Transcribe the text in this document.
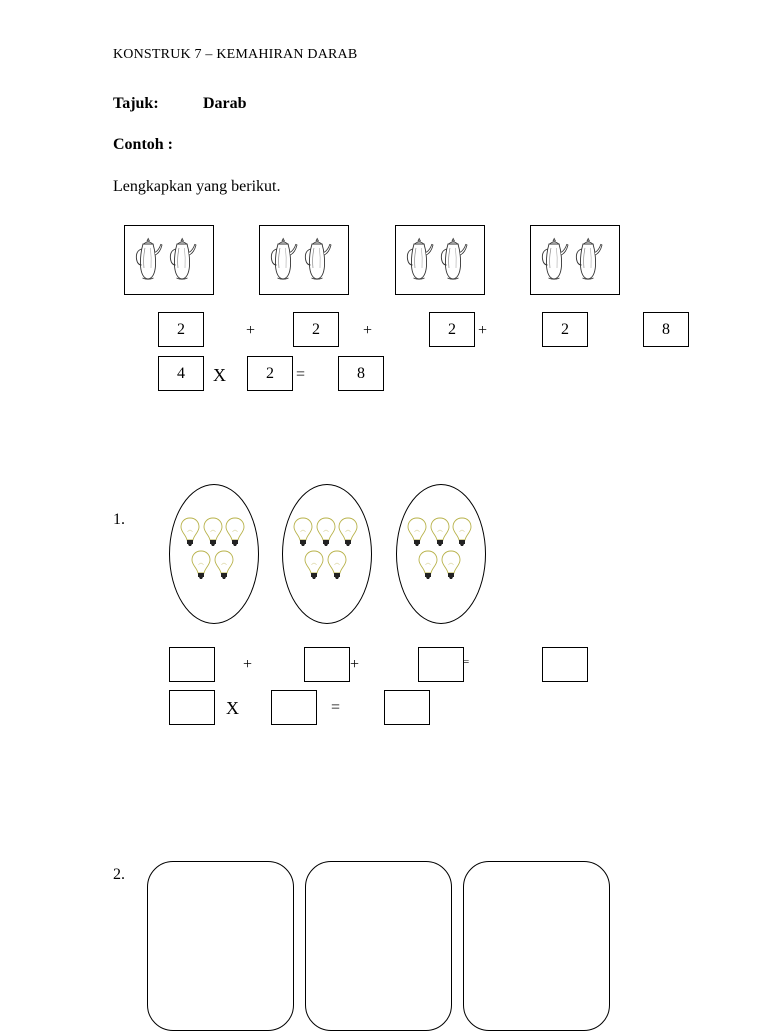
KONSTRUK 7 – KEMAHIRAN DARAB
Tajuk:	Darab
Contoh :
Lengkapkan yang berikut.
2	+	2	+	2	+	2	8
4	X	2	=	8
1.
+	+	=
X	=
2.
